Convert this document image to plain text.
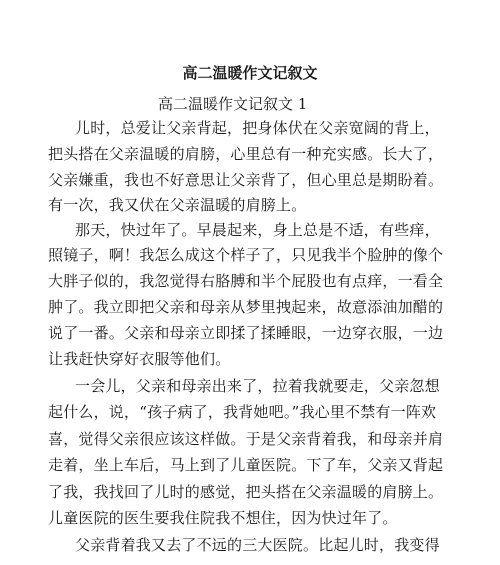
高二温暖作文记叙文
高二温暖作文记叙文 1
儿时，总爱让父亲背起，把身体伏在父亲宽阔的背上，
把头搭在父亲温暖的肩膀，心里总有一种充实感。长大了，
父亲嫌重，我也不好意思让父亲背了，但心里总是期盼着。
有一次，我又伏在父亲温暖的肩膀上。
那天，快过年了。早晨起来，身上总是不适，有些痒，
照镜子，啊！我怎么成这个样子了，只见我半个脸肿的像个
大胖子似的，我忽觉得右胳膊和半个屁股也有点痒，一看全
肿了。我立即把父亲和母亲从梦里拽起来，故意添油加醋的
说了一番。父亲和母亲立即揉了揉睡眼，一边穿衣服，一边
让我赶快穿好衣服等他们。
一会儿，父亲和母亲出来了，拉着我就要走，父亲忽想
起什么，说，“孩子病了，我背她吧。”我心里不禁有一阵欢
喜，觉得父亲很应该这样做。于是父亲背着我，和母亲并肩
走着，坐上车后，马上到了儿童医院。下了车，父亲又背起
了我，我找回了儿时的感觉，把头搭在父亲温暖的肩膀上。
儿童医院的医生要我住院我不想住，因为快过年了。
父亲背着我又去了不远的三大医院。比起儿时，我变得
